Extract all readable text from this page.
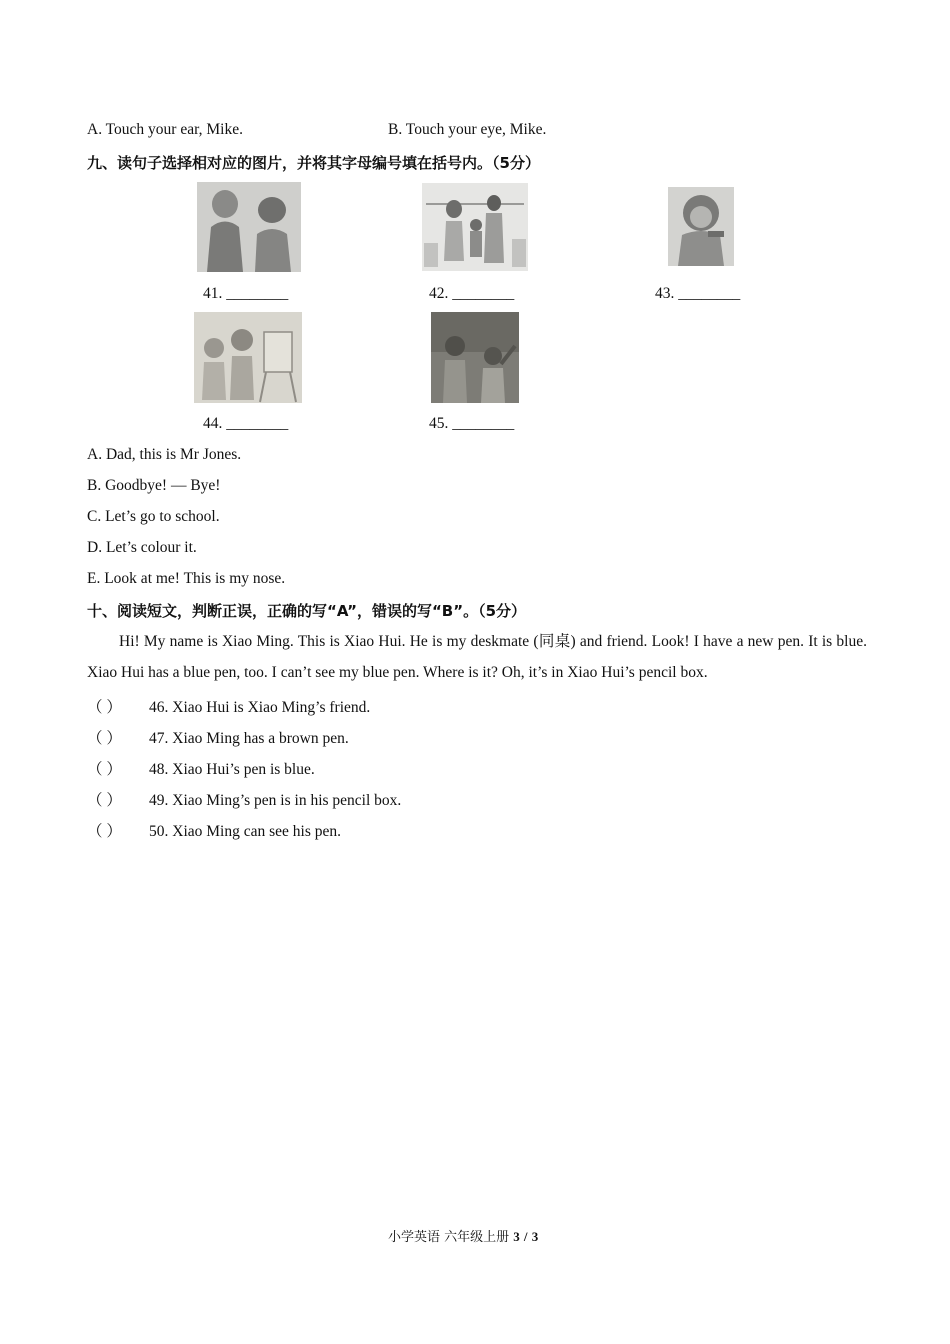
A. Touch your ear, Mike.	B. Touch your eye, Mike.
九、读句子选择相对应的图片，并将其字母编号填在括号内。（5分）
41. ________	42. ________	43. ________
44. ________	45. ________
A. Dad, this is Mr Jones.
B. Goodbye! — Bye!
C. Let’s go to school.
D. Let’s colour it.
E. Look at me! This is my nose.
十、阅读短文，判断正误，正确的写“A”，错误的写“B”。（5分）
Hi! My name is Xiao Ming. This is Xiao Hui. He is my deskmate (同桌) and friend. Look! I have a new pen. It is blue. Xiao Hui has a blue pen, too. I can’t see my blue pen. Where is it? Oh, it’s in Xiao Hui’s pencil box.
（ ） 46. Xiao Hui is Xiao Ming’s friend.
（ ） 47. Xiao Ming has a brown pen.
（ ） 48. Xiao Hui’s pen is blue.
（ ） 49. Xiao Ming’s pen is in his pencil box.
（ ） 50. Xiao Ming can see his pen.
小学英语 六年级上册 3 / 3
